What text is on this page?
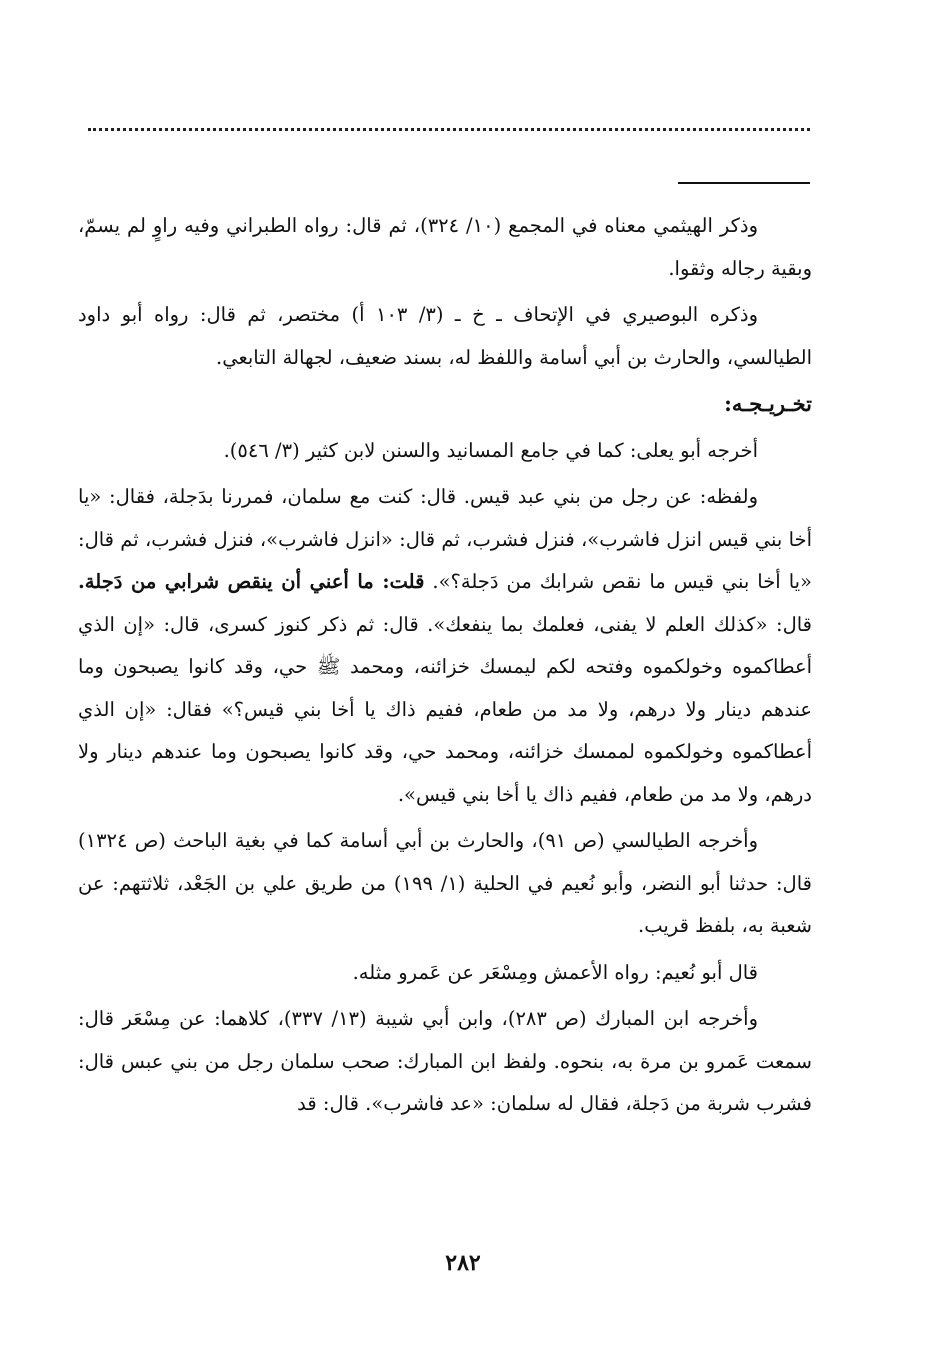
وذكر الهيثمي معناه في المجمع (١٠/ ٣٢٤)، ثم قال: رواه الطبراني وفيه راوٍ لم يسمّ، وبقية رجاله وثقوا.

وذكره البوصيري في الإتحاف ـ خ ـ (٣/ ١٠٣ أ) مختصر، ثم قال: رواه أبو داود الطيالسي، والحارث بن أبي أسامة واللفظ له، بسند ضعيف، لجهالة التابعي.

تخـريـجـه:

أخرجه أبو يعلى: كما في جامع المسانيد والسنن لابن كثير (٣/ ٥٤٦).

ولفظه: عن رجل من بني عبد قيس. قال: كنت مع سلمان، فمررنا بدَجلة، فقال: «يا أخا بني قيس انزل فاشرب»، فنزل فشرب، ثم قال: «انزل فاشرب»، فنزل فشرب، ثم قال: «يا أخا بني قيس ما نقص شرابك من دَجلة؟». قلت: ما أعني أن ينقص شرابي من دَجلة. قال: «كذلك العلم لا يفنى، فعلمك بما ينفعك». قال: ثم ذكر كنوز كسرى، قال: «إن الذي أعطاكموه وخولكموه وفتحه لكم ليمسك خزائنه، ومحمد ﷺ حي، وقد كانوا يصبحون وما عندهم دينار ولا درهم، ولا مد من طعام، ففيم ذاك يا أخا بني قيس؟» فقال: «إن الذي أعطاكموه وخولكموه لممسك خزائنه، ومحمد حي، وقد كانوا يصبحون وما عندهم دينار ولا درهم، ولا مد من طعام، ففيم ذاك يا أخا بني قيس».

وأخرجه الطيالسي (ص ٩١)، والحارث بن أبي أسامة كما في بغية الباحث (ص ١٣٢٤) قال: حدثنا أبو النضر، وأبو نُعيم في الحلية (١/ ١٩٩) من طريق علي بن الجَعْد، ثلاثتهم: عن شعبة به، بلفظ قريب.

قال أبو نُعيم: رواه الأعمش ومِسْعَر عن عَمرو مثله.

وأخرجه ابن المبارك (ص ٢٨٣)، وابن أبي شيبة (١٣/ ٣٣٧)، كلاهما: عن مِسْعَر قال: سمعت عَمرو بن مرة به، بنحوه. ولفظ ابن المبارك: صحب سلمان رجل من بني عبس قال: فشرب شربة من دَجلة، فقال له سلمان: «عد فاشرب». قال: قد

٢٨٢
